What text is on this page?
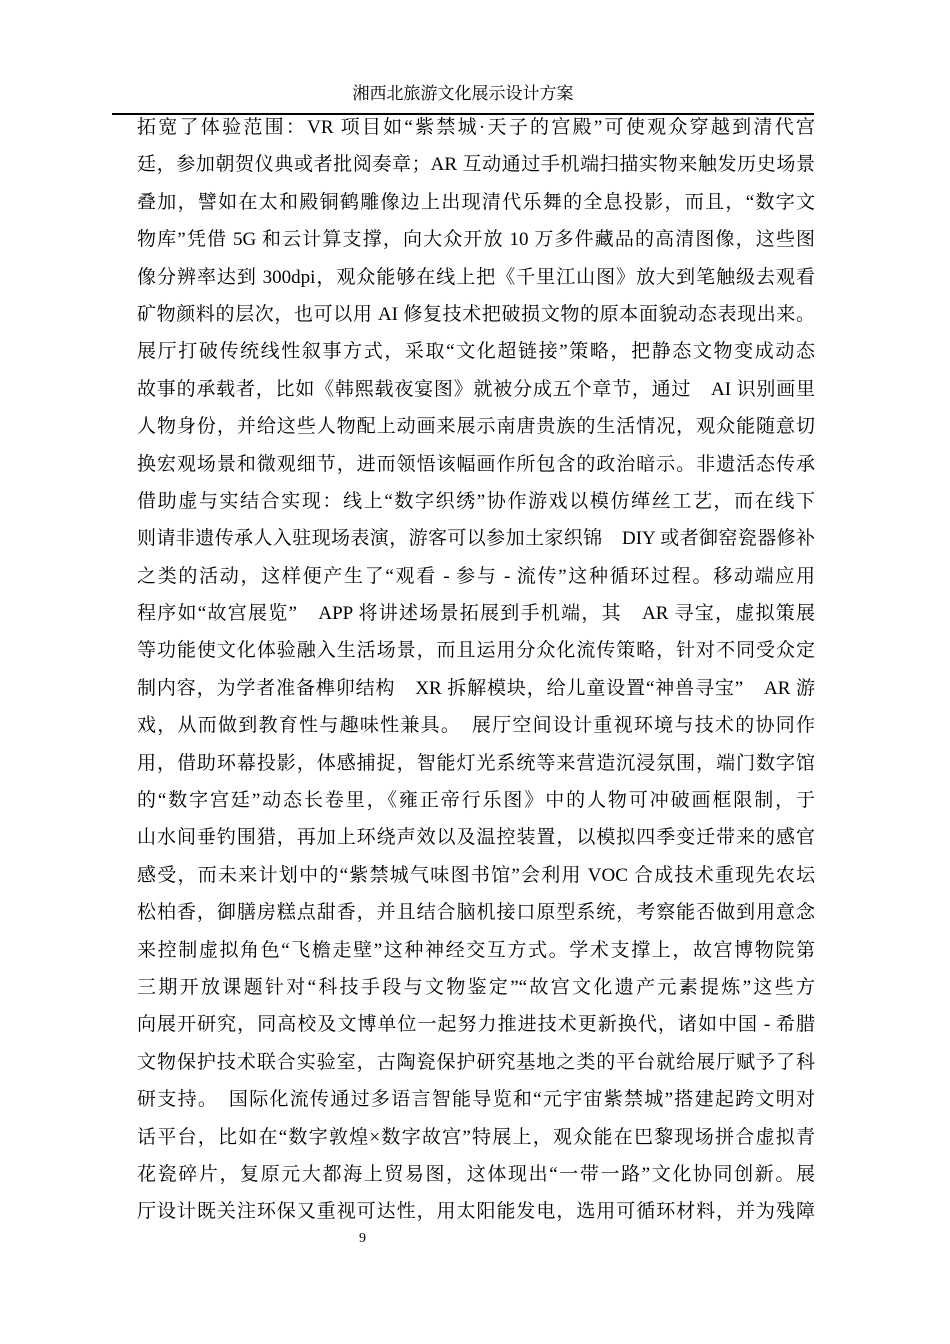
湘西北旅游文化展示设计方案
拓宽了体验范围：VR 项目如“紫禁城·天子的宫殿”可使观众穿越到清代宫
廷，参加朝贺仪典或者批阅奏章；AR 互动通过手机端扫描实物来触发历史场景
叠加，譬如在太和殿铜鹤雕像边上出现清代乐舞的全息投影，而且，“数字文
物库”凭借 5G 和云计算支撑，向大众开放 10 万多件藏品的高清图像，这些图
像分辨率达到 300dpi，观众能够在线上把《千里江山图》放大到笔触级去观看
矿物颜料的层次，也可以用 AI 修复技术把破损文物的原本面貌动态表现出来。
展厅打破传统线性叙事方式，采取“文化超链接”策略，把静态文物变成动态
故事的承载者，比如《韩熙载夜宴图》就被分成五个章节，通过　AI 识别画里
人物身份，并给这些人物配上动画来展示南唐贵族的生活情况，观众能随意切
换宏观场景和微观细节，进而领悟该幅画作所包含的政治暗示。非遗活态传承
借助虚与实结合实现：线上“数字织绣”协作游戏以模仿缂丝工艺，而在线下
则请非遗传承人入驻现场表演，游客可以参加土家织锦　DIY 或者御窑瓷器修补
之类的活动，这样便产生了“观看 - 参与 - 流传”这种循环过程。移动端应用
程序如“故宫展览”　APP 将讲述场景拓展到手机端，其　AR 寻宝，虚拟策展
等功能使文化体验融入生活场景，而且运用分众化流传策略，针对不同受众定
制内容，为学者准备榫卯结构　XR 拆解模块，给儿童设置“神兽寻宝”　AR 游
戏，从而做到教育性与趣味性兼具。　展厅空间设计重视环境与技术的协同作
用，借助环幕投影，体感捕捉，智能灯光系统等来营造沉浸氛围，端门数字馆
的“数字宫廷”动态长卷里，《雍正帝行乐图》中的人物可冲破画框限制，于
山水间垂钓围猎，再加上环绕声效以及温控装置，以模拟四季变迁带来的感官
感受，而未来计划中的“紫禁城气味图书馆”会利用 VOC 合成技术重现先农坛
松柏香，御膳房糕点甜香，并且结合脑机接口原型系统，考察能否做到用意念
来控制虚拟角色“飞檐走壁”这种神经交互方式。学术支撑上，故宫博物院第
三期开放课题针对“科技手段与文物鉴定”“故宫文化遗产元素提炼”这些方
向展开研究，同高校及文博单位一起努力推进技术更新换代，诸如中国 - 希腊
文物保护技术联合实验室，古陶瓷保护研究基地之类的平台就给展厅赋予了科
研支持。　国际化流传通过多语言智能导览和“元宇宙紫禁城”搭建起跨文明对
话平台，比如在“数字敦煌×数字故宫”特展上，观众能在巴黎现场拼合虚拟青
花瓷碎片，复原元大都海上贸易图，这体现出“一带一路”文化协同创新。展
厅设计既关注环保又重视可达性，用太阳能发电，选用可循环材料，并为残障
9
